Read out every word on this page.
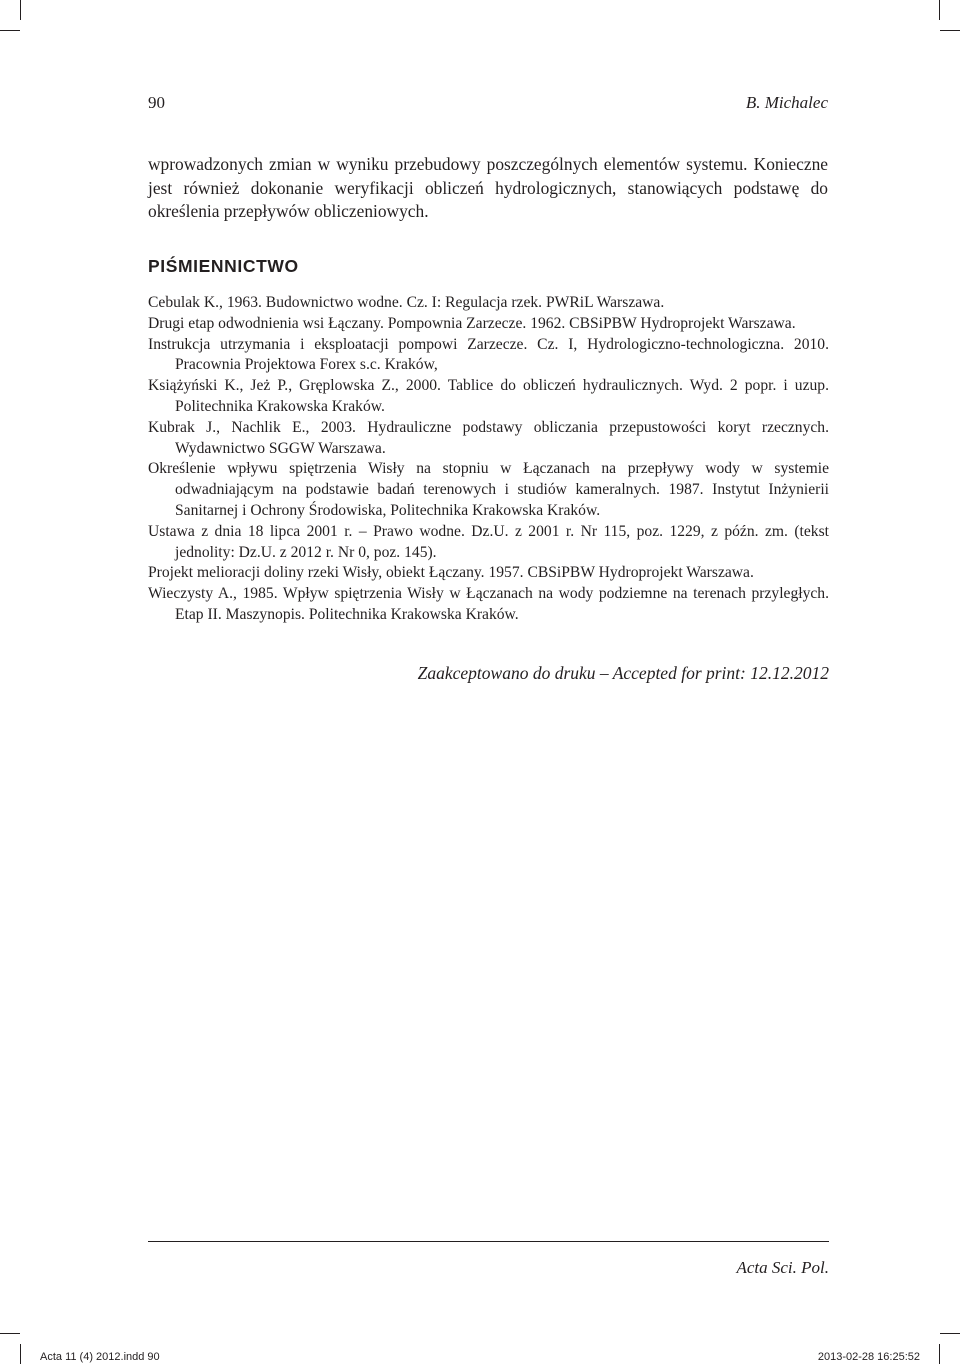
90	B. Michalec

wprowadzonych zmian w wyniku przebudowy poszczególnych elementów systemu. Konieczne jest również dokonanie weryfikacji obliczeń hydrologicznych, stanowiących podstawę do określenia przepływów obliczeniowych.

PIŚMIENNICTWO
Cebulak K., 1963. Budownictwo wodne. Cz. I: Regulacja rzek. PWRiL Warszawa.
Drugi etap odwodnienia wsi Łączany. Pompownia Zarzecze. 1962. CBSiPBW Hydroprojekt Warszawa.
Instrukcja utrzymania i eksploatacji pompowi Zarzecze. Cz. I, Hydrologiczno-technologiczna. 2010. Pracownia Projektowa Forex s.c. Kraków,
Książyński K., Jeż P., Gręplowska Z., 2000. Tablice do obliczeń hydraulicznych. Wyd. 2 popr. i uzup. Politechnika Krakowska Kraków.
Kubrak J., Nachlik E., 2003. Hydrauliczne podstawy obliczania przepustowości koryt rzecznych. Wydawnictwo SGGW Warszawa.
Określenie wpływu spiętrzenia Wisły na stopniu w Łączanach na przepływy wody w systemie odwadniającym na podstawie badań terenowych i studiów kameralnych. 1987. Instytut Inżynierii Sanitarnej i Ochrony Środowiska, Politechnika Krakowska Kraków.
Ustawa z dnia 18 lipca 2001 r. – Prawo wodne. Dz.U. z 2001 r. Nr 115, poz. 1229, z późn. zm. (tekst jednolity: Dz.U. z 2012 r. Nr 0, poz. 145).
Projekt melioracji doliny rzeki Wisły, obiekt Łączany. 1957. CBSiPBW Hydroprojekt Warszawa.
Wieczysty A., 1985. Wpływ spiętrzenia Wisły w Łączanach na wody podziemne na terenach przyległych. Etap II. Maszynopis. Politechnika Krakowska Kraków.
Zaakceptowano do druku – Accepted for print: 12.12.2012
Acta Sci. Pol.
Acta 11 (4) 2012.indd 90	2013-02-28 16:25:52
